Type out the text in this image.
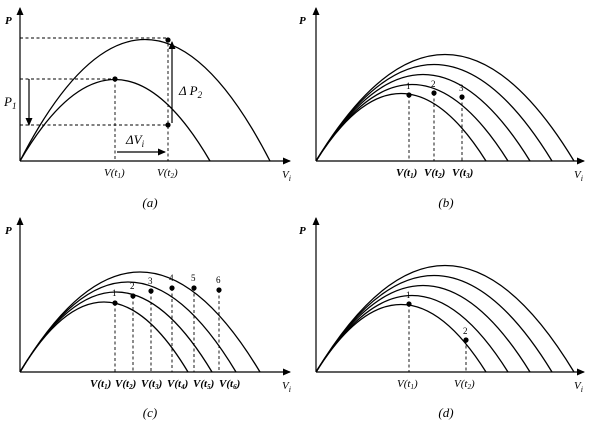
P
$V_i$
$P_1$
Δ $P_2$
$\Delta V_i$
V(t1)	V(t2)
(a)
P
$V_i$
1 2	3
V(t1) V(t2) V(t3)
(b)
P
$V_i$
1
2 3 4 5 6
V(t1) V(t2) V(t3) V(t4) V(t5) V(t6)
(c)
P
$V_i$
1
2
V(t1)	V(t2)
(d)
